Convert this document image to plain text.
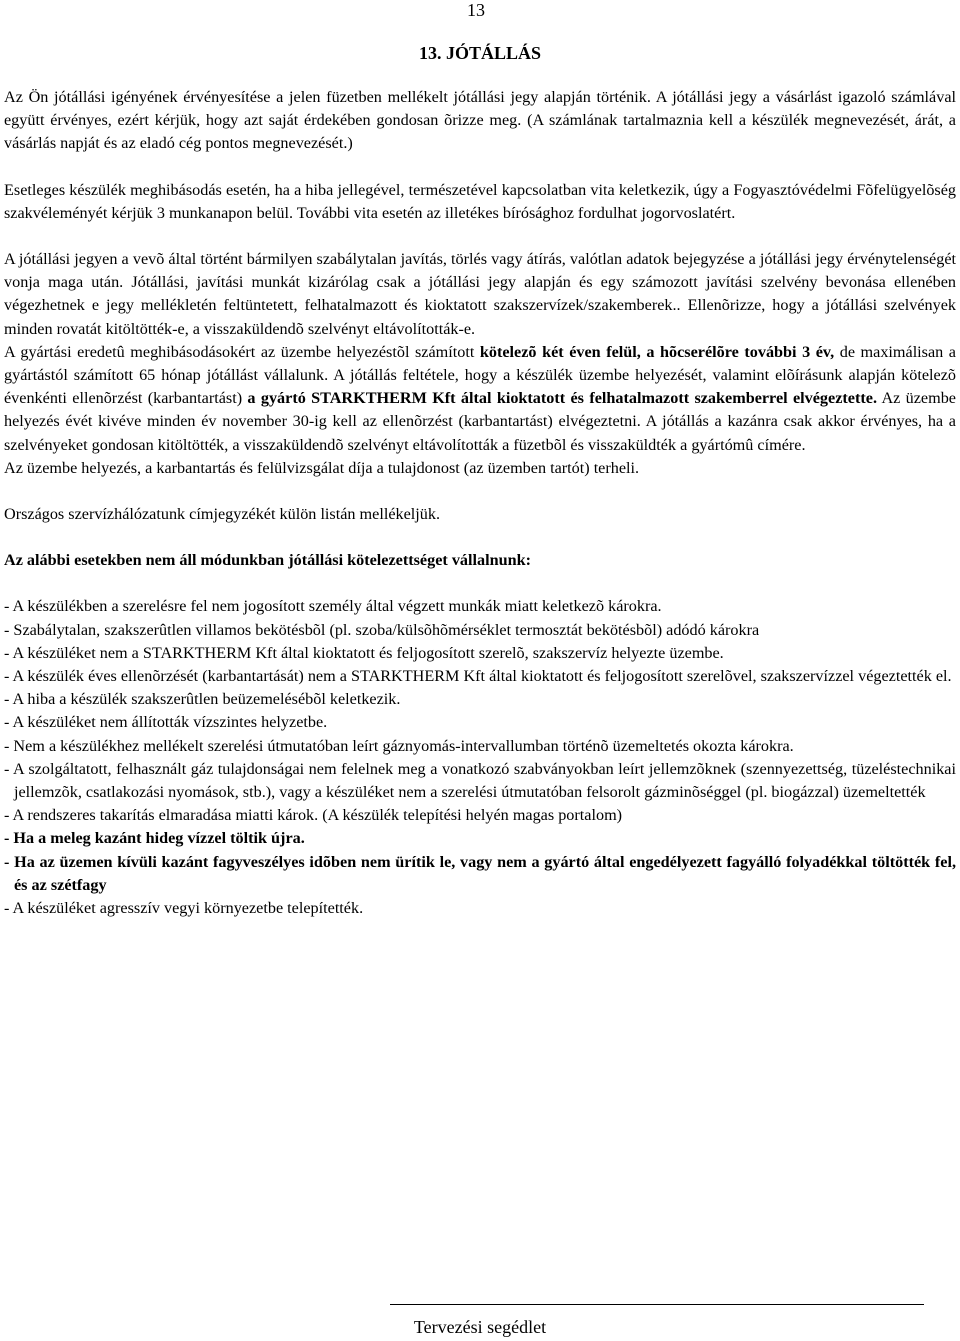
13
13. JÓTÁLLÁS

Az Ön jótállási igényének érvényesítése a jelen füzetben mellékelt jótállási jegy alapján történik. A jótállási jegy a vásárlást igazoló számlával együtt érvényes, ezért kérjük, hogy azt saját érdekében gondosan õrizze meg. (A számlának tartalmaznia kell a készülék megnevezését, árát, a vásárlás napját és az eladó cég pontos megnevezését.)

Esetleges készülék meghibásodás esetén, ha a hiba jellegével, természetével kapcsolatban vita keletkezik, úgy a Fogyasztóvédelmi Fõfelügyelõség szakvéleményét kérjük 3 munkanapon belül. További vita esetén az illetékes bírósághoz fordulhat jogorvoslatért.

A jótállási jegyen a vevõ által történt bármilyen szabálytalan javítás, törlés vagy átírás, valótlan adatok bejegyzése a jótállási jegy érvénytelenségét vonja maga után. Jótállási, javítási munkát kizárólag csak a jótállási jegy alapján és egy számozott javítási szelvény bevonása ellenében végezhetnek e jegy mellékletén feltüntetett, felhatalmazott és kioktatott szakszervízek/szakemberek.. Ellenõrizze, hogy a jótállási szelvények minden rovatát kitöltötték-e, a visszaküldendõ szelvényt eltávolították-e.

A gyártási eredetû meghibásodásokért az üzembe helyezéstõl számított kötelezõ két éven felül, a hõcserélõre további 3 év, de maximálisan a gyártástól számított 65 hónap jótállást vállalunk. A jótállás feltétele, hogy a készülék üzembe helyezését, valamint elõírásunk alapján kötelezõ évenkénti ellenõrzést (karbantartást) a gyártó STARKTHERM Kft által kioktatott és felhatalmazott szakemberrel elvégeztette. Az üzembe helyezés évét kivéve minden év november 30-ig kell az ellenõrzést (karbantartást) elvégeztetni. A jótállás a kazánra csak akkor érvényes, ha a szelvényeket gondosan kitöltötték, a visszaküldendõ szelvényt eltávolították a füzetbõl és visszaküldték a gyártómû címére.

Az üzembe helyezés, a karbantartás és felülvizsgálat díja a tulajdonost (az üzemben tartót) terheli.

Országos szervízhálózatunk címjegyzékét külön listán mellékeljük.

Az alábbi esetekben nem áll módunkban jótállási kötelezettséget vállalnunk:

- A készülékben a szerelésre fel nem jogosított személy által végzett munkák miatt keletkezõ károkra.
- Szabálytalan, szakszerûtlen villamos bekötésbõl (pl. szoba/külsõhõmérséklet termosztát bekötésbõl) adódó károkra
- A készüléket nem a STARKTHERM Kft által kioktatott és feljogosított szerelõ, szakszervíz helyezte üzembe.
- A készülék éves ellenõrzését (karbantartását) nem a STARKTHERM Kft által kioktatott és feljogosított szerelõvel, szakszervízzel végeztették el.
- A hiba a készülék szakszerûtlen beüzemelésébõl keletkezik.
- A készüléket nem állították vízszintes helyzetbe.
- Nem a készülékhez mellékelt szerelési útmutatóban leírt gáznyomás-intervallumban történõ üzemeltetés okozta károkra.
- A szolgáltatott, felhasznált gáz tulajdonságai nem felelnek meg a vonatkozó szabványokban leírt jellemzõknek (szennyezettség, tüzeléstechnikai jellemzõk, csatlakozási nyomások, stb.), vagy a készüléket nem a szerelési útmutatóban felsorolt gázminõséggel (pl. biogázzal) üzemeltették
- A rendszeres takarítás elmaradása miatti károk. (A készülék telepítési helyén magas portalom)
- Ha a meleg kazánt hideg vízzel töltik újra.
- Ha az üzemen kívüli kazánt fagyveszélyes idõben nem ürítik le, vagy nem a gyártó által engedélyezett fagyálló folyadékkal töltötték fel, és az szétfagy
- A készüléket agresszív vegyi környezetbe telepítették.
Tervezési segédlet
